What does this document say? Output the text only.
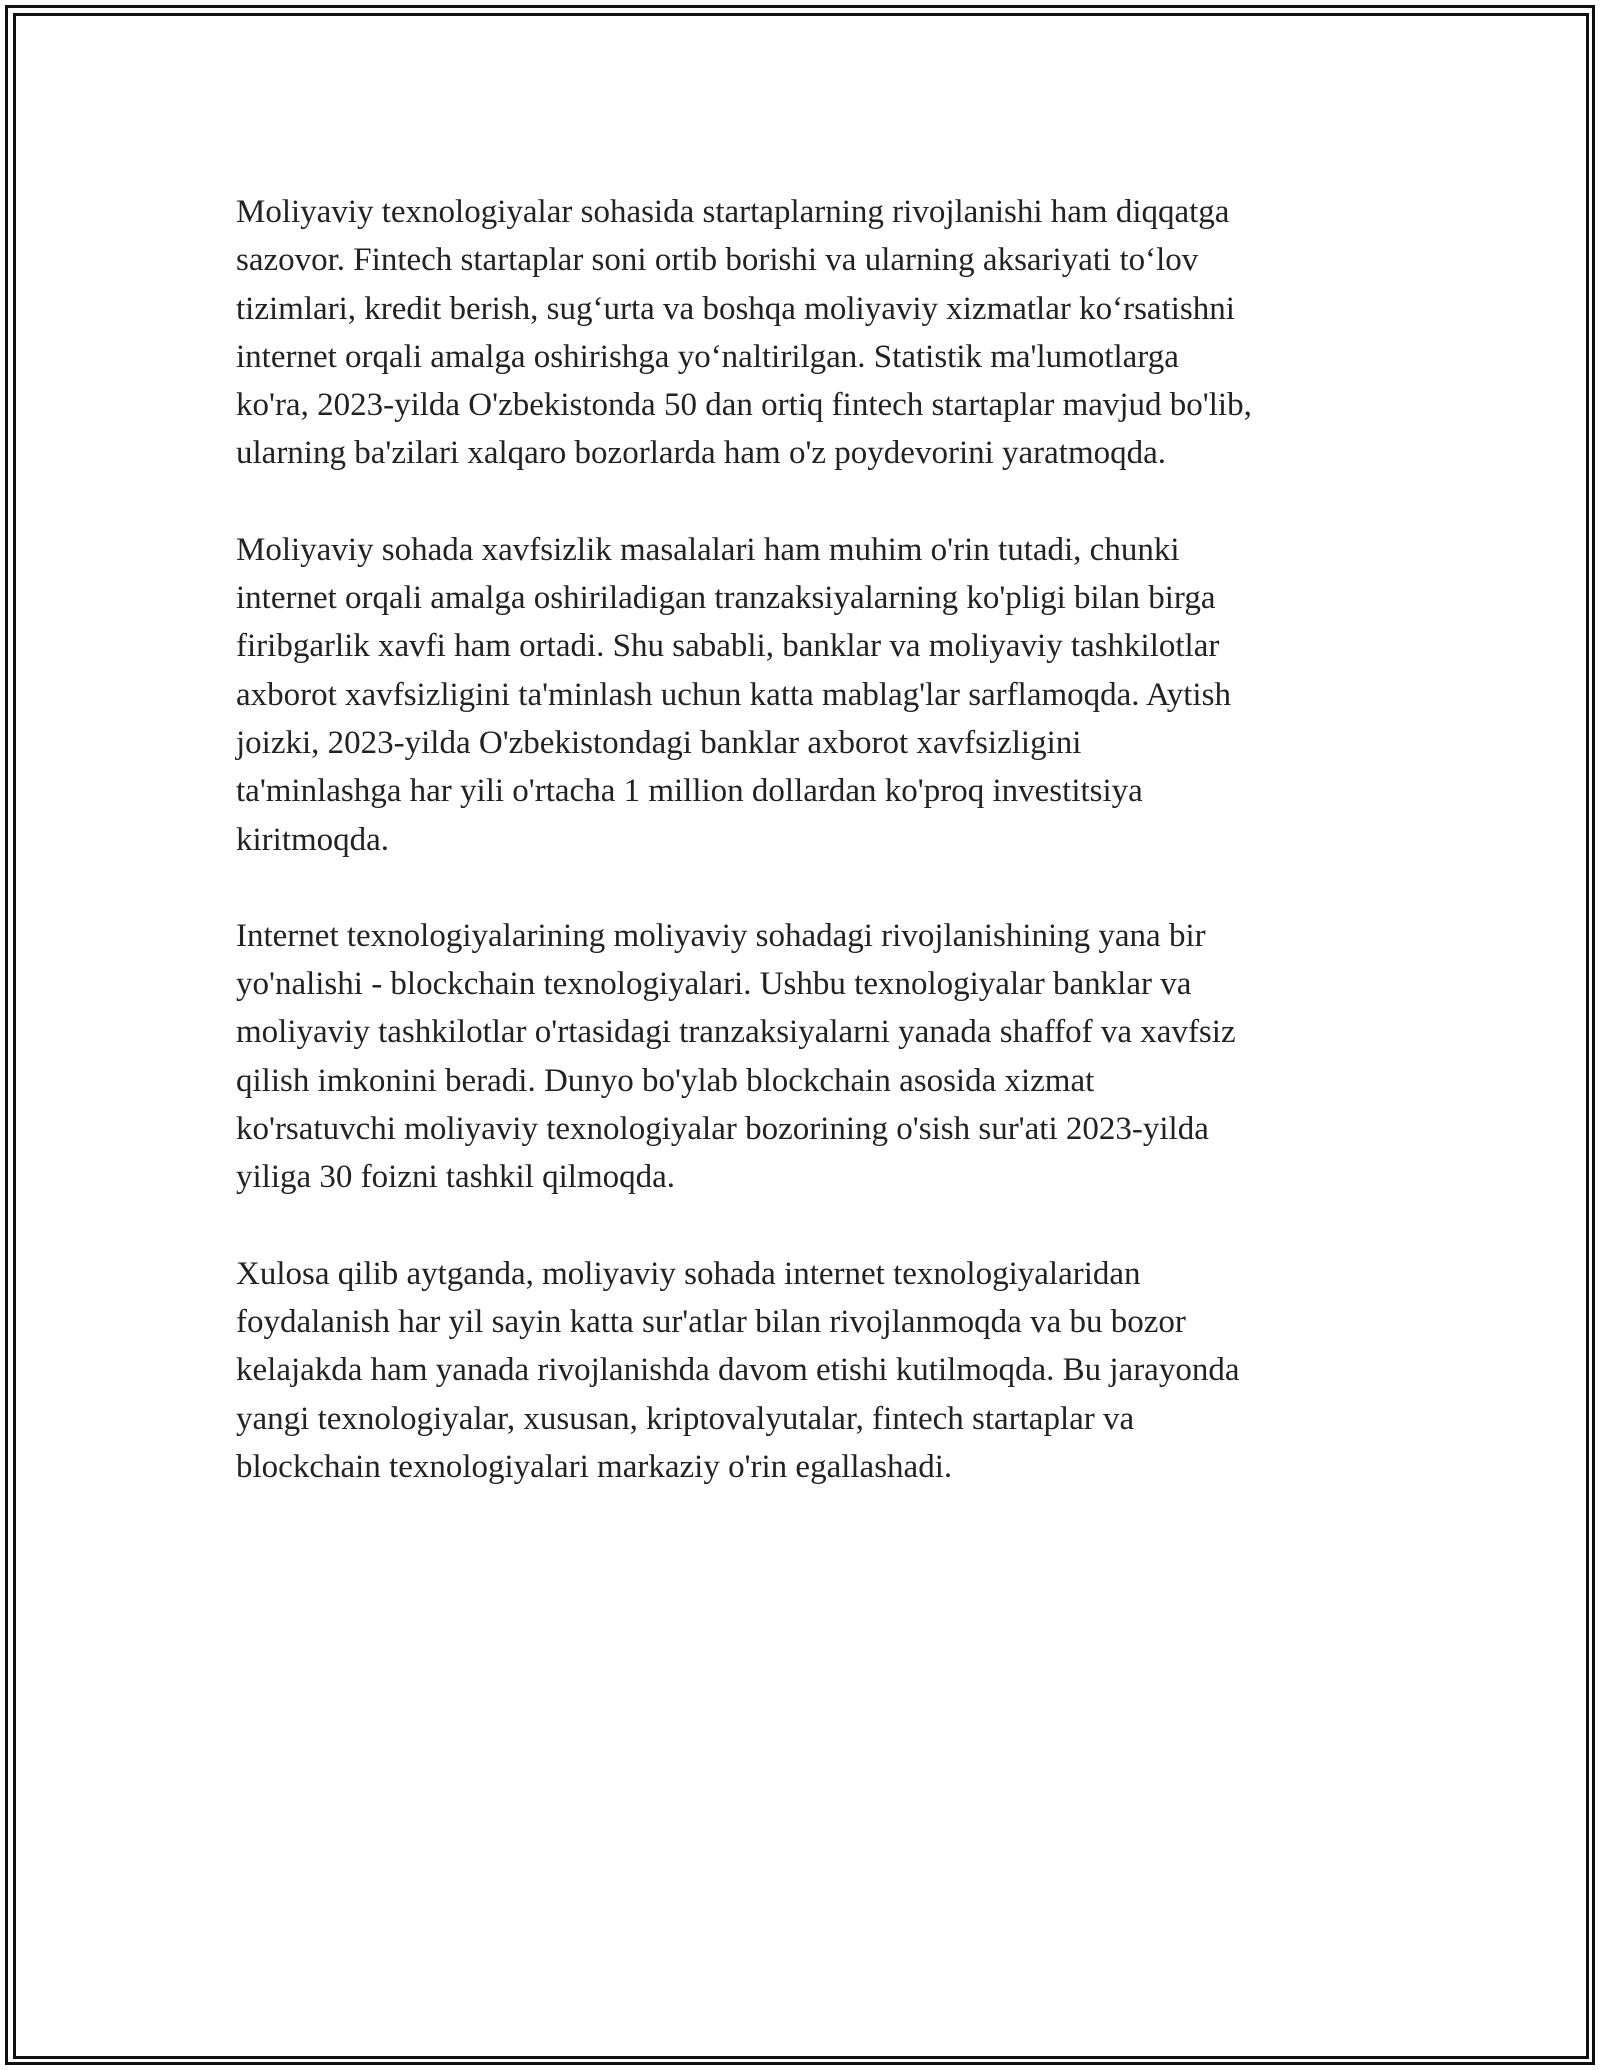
Moliyaviy texnologiyalar sohasida startaplarning rivojlanishi ham diqqatga
sazovor. Fintech startaplar soni ortib borishi va ularning aksariyati to‘lov
tizimlari, kredit berish, sug‘urta va boshqa moliyaviy xizmatlar ko‘rsatishni
internet orqali amalga oshirishga yo‘naltirilgan. Statistik ma'lumotlarga
ko'ra, 2023-yilda O'zbekistonda 50 dan ortiq fintech startaplar mavjud bo'lib,
ularning ba'zilari xalqaro bozorlarda ham o'z poydevorini yaratmoqda.

Moliyaviy sohada xavfsizlik masalalari ham muhim o'rin tutadi, chunki
internet orqali amalga oshiriladigan tranzaksiyalarning ko'pligi bilan birga
firibgarlik xavfi ham ortadi. Shu sababli, banklar va moliyaviy tashkilotlar
axborot xavfsizligini ta'minlash uchun katta mablag'lar sarflamoqda. Aytish
joizki, 2023-yilda O'zbekistondagi banklar axborot xavfsizligini
ta'minlashga har yili o'rtacha 1 million dollardan ko'proq investitsiya
kiritmoqda.

Internet texnologiyalarining moliyaviy sohadagi rivojlanishining yana bir
yo'nalishi - blockchain texnologiyalari. Ushbu texnologiyalar banklar va
moliyaviy tashkilotlar o'rtasidagi tranzaksiyalarni yanada shaffof va xavfsiz
qilish imkonini beradi. Dunyo bo'ylab blockchain asosida xizmat
ko'rsatuvchi moliyaviy texnologiyalar bozorining o'sish sur'ati 2023-yilda
yiliga 30 foizni tashkil qilmoqda.

Xulosa qilib aytganda, moliyaviy sohada internet texnologiyalaridan
foydalanish har yil sayin katta sur'atlar bilan rivojlanmoqda va bu bozor
kelajakda ham yanada rivojlanishda davom etishi kutilmoqda. Bu jarayonda
yangi texnologiyalar, xususan, kriptovalyutalar, fintech startaplar va
blockchain texnologiyalari markaziy o'rin egallashadi.
